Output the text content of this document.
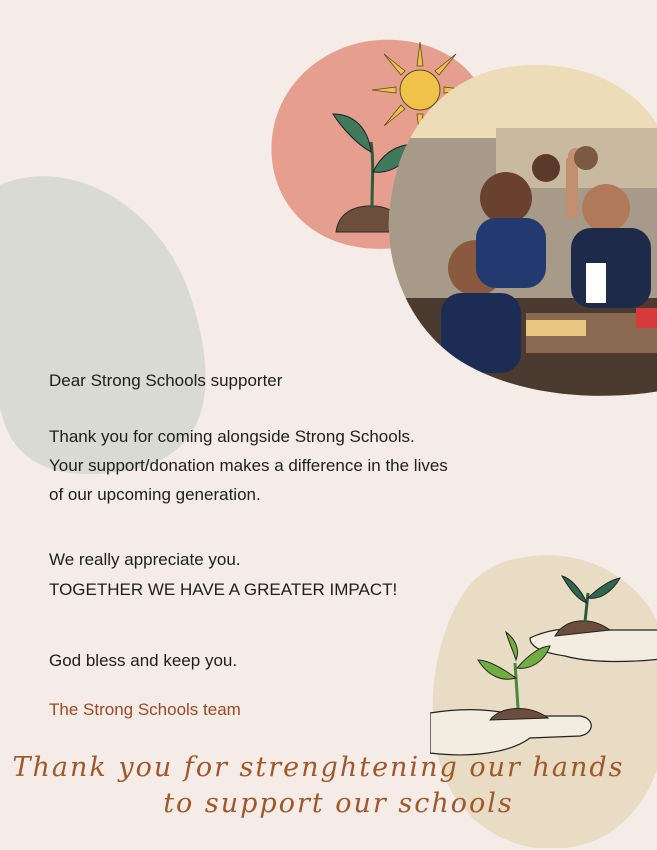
Dear Strong Schools supporter
Thank you for coming alongside Strong Schools.
Your support/donation makes a difference in the lives
of our upcoming generation.
We really appreciate you.
TOGETHER WE HAVE A GREATER IMPACT!
God bless and keep you.
The Strong Schools team
Thank you for strenghtening our hands
to support our schools
